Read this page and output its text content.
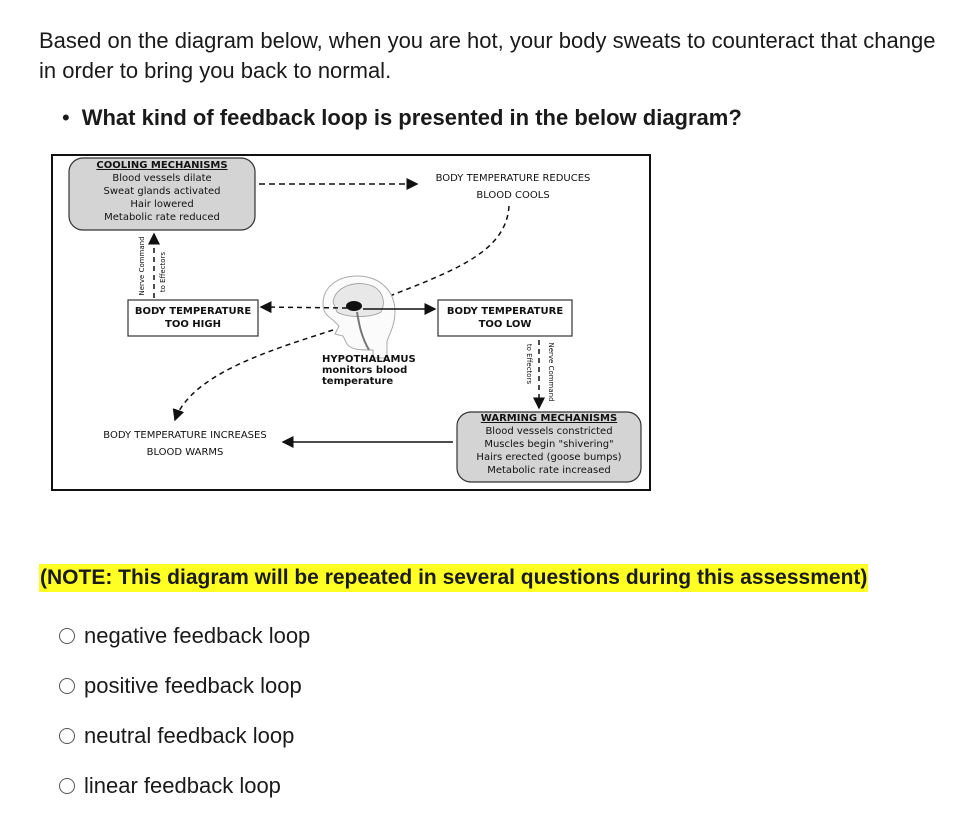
Based on the diagram below, when you are hot, your body sweats to counteract that change in order to bring you back to normal.

• What kind of feedback loop is presented in the below diagram?
COOLING MECHANISMS
Blood vessels dilate
Sweat glands activated
Hair lowered
Metabolic rate reduced
BODY TEMPERATURE REDUCES
BLOOD COOLS
Nerve Command to Effectors
BODY TEMPERATURE
TOO HIGH
BODY TEMPERATURE
TOO LOW
HYPOTHALAMUS
monitors blood
temperature	to Effectors Nerve Command
BODY TEMPERATURE INCREASES
BLOOD WARMS
WARMING MECHANISMS
Blood vessels constricted
Muscles begin "shivering"
Hairs erected (goose bumps)
Metabolic rate increased
(NOTE: This diagram will be repeated in several questions during this assessment)
negative feedback loop
positive feedback loop
neutral feedback loop
linear feedback loop
